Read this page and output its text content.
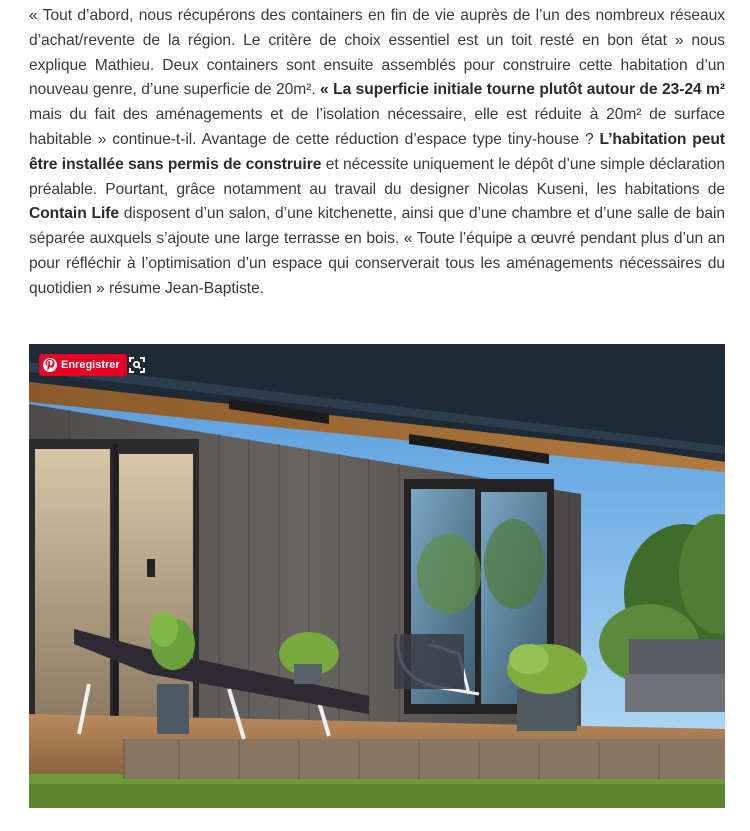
« Tout d’abord, nous récupérons des containers en fin de vie auprès de l’un des nombreux réseaux d’achat/revente de la région. Le critère de choix essentiel est un toit resté en bon état » nous explique Mathieu. Deux containers sont ensuite assemblés pour construire cette habitation d’un nouveau genre, d’une superficie de 20m². « La superficie initiale tourne plutôt autour de 23-24 m² mais du fait des aménagements et de l’isolation nécessaire, elle est réduite à 20m² de surface habitable » continue-t-il. Avantage de cette réduction d’espace type tiny-house ? L’habitation peut être installée sans permis de construire et nécessite uniquement le dépôt d’une simple déclaration préalable. Pourtant, grâce notamment au travail du designer Nicolas Kuseni, les habitations de Contain Life disposent d’un salon, d’une kitchenette, ainsi que d’une chambre et d’une salle de bain séparée auxquels s’ajoute une large terrasse en bois. « Toute l’équipe a œuvré pendant plus d’un an pour réfléchir à l’optimisation d’un espace qui conserverait tous les aménagements nécessaires du quotidien » résume Jean-Baptiste.

Enregistrer
